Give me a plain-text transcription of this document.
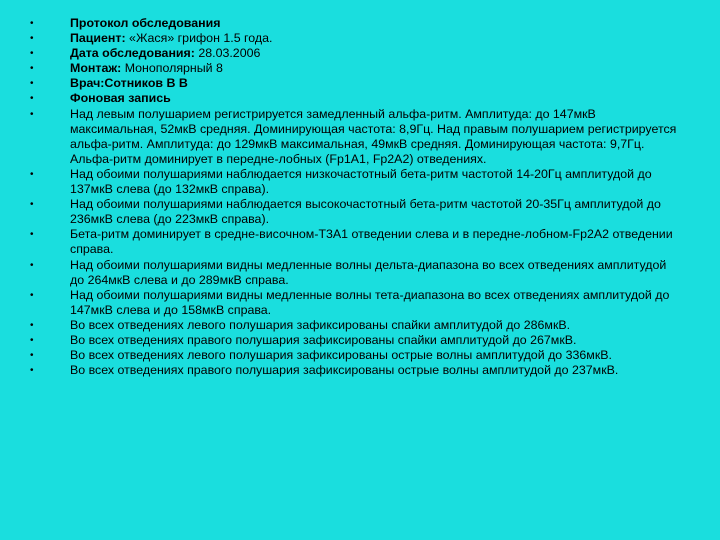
•	Протокол обследования
•	Пациент: «Жася» грифон 1.5 года.
•	Дата обследования: 28.03.2006
•	Монтаж: Монополярный 8
•	Врач:Сотников В В
•	Фоновая запись
•	Над левым полушарием регистрируется замедленный альфа-ритм. Амплитуда: до 147мкВ максимальная, 52мкВ средняя. Доминирующая частота: 8,9Гц. Над правым полушарием регистрируется альфа-ритм. Амплитуда: до 129мкВ максимальная, 49мкВ средняя. Доминирующая частота: 9,7Гц. Альфа-ритм доминирует в передне-лобных (Fp1A1, Fp2A2) отведениях.
•	Над обоими полушариями наблюдается низкочастотный бета-ритм частотой 14-20Гц амплитудой до 137мкВ слева (до 132мкВ справа).
•	Над обоими полушариями наблюдается высокочастотный бета-ритм частотой 20-35Гц амплитудой до 236мкВ слева (до 223мкВ справа).
•	Бета-ритм доминирует в средне-височном-T3A1 отведении слева и в передне-лобном-Fp2A2 отведении справа.
•	Над обоими полушариями видны медленные волны дельта-диапазона во всех отведениях амплитудой до 264мкВ слева и до 289мкВ справа.
•	Над обоими полушариями видны медленные волны тета-диапазона во всех отведениях амплитудой до 147мкВ слева и до 158мкВ справа.
•	Во всех отведениях левого полушария зафиксированы спайки амплитудой до 286мкВ.
•	Во всех отведениях правого полушария зафиксированы спайки амплитудой до 267мкВ.
•	Во всех отведениях левого полушария зафиксированы острые волны амплитудой до 336мкВ.
•	Во всех отведениях правого полушария зафиксированы острые волны амплитудой до 237мкВ.
